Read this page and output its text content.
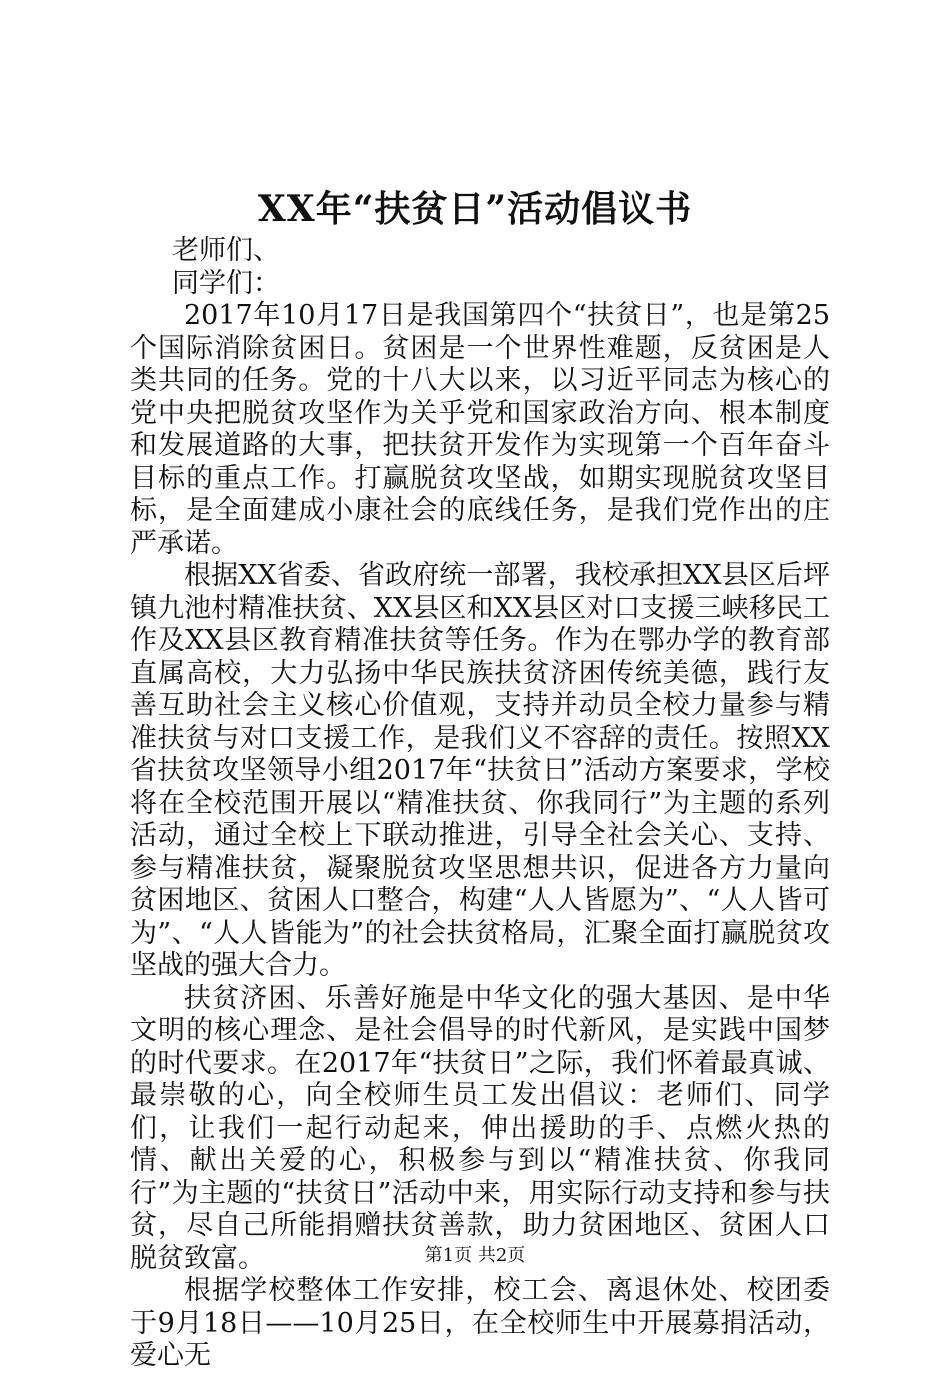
XX年“扶贫日”活动倡议书

老师们、

同学们：

2017年10月17日是我国第四个“扶贫日”，也是第25个国际消除贫困日。贫困是一个世界性难题，反贫困是人类共同的任务。党的十八大以来，以习近平同志为核心的党中央把脱贫攻坚作为关乎党和国家政治方向、根本制度和发展道路的大事，把扶贫开发作为实现第一个百年奋斗目标的重点工作。打赢脱贫攻坚战，如期实现脱贫攻坚目标，是全面建成小康社会的底线任务，是我们党作出的庄严承诺。

根据XX省委、省政府统一部署，我校承担XX县区后坪镇九池村精准扶贫、XX县区和XX县区对口支援三峡移民工作及XX县区教育精准扶贫等任务。作为在鄂办学的教育部直属高校，大力弘扬中华民族扶贫济困传统美德，践行友善互助社会主义核心价值观，支持并动员全校力量参与精准扶贫与对口支援工作，是我们义不容辞的责任。按照XX省扶贫攻坚领导小组2017年“扶贫日”活动方案要求，学校将在全校范围开展以“精准扶贫、你我同行”为主题的系列活动，通过全校上下联动推进，引导全社会关心、支持、参与精准扶贫，凝聚脱贫攻坚思想共识，促进各方力量向贫困地区、贫困人口整合，构建“人人皆愿为”、“人人皆可为”、“人人皆能为”的社会扶贫格局，汇聚全面打赢脱贫攻坚战的强大合力。

扶贫济困、乐善好施是中华文化的强大基因、是中华文明的核心理念、是社会倡导的时代新风，是实践中国梦的时代要求。在2017年“扶贫日”之际，我们怀着最真诚、最崇敬的心，向全校师生员工发出倡议：老师们、同学们，让我们一起行动起来，伸出援助的手、点燃火热的情、献出关爱的心，积极参与到以“精准扶贫、你我同行”为主题的“扶贫日”活动中来，用实际行动支持和参与扶贫，尽自己所能捐赠扶贫善款，助力贫困地区、贫困人口脱贫致富。

根据学校整体工作安排，校工会、离退休处、校团委于9月18日——10月25日，在全校师生中开展募捐活动，爱心无

第1页 共2页
